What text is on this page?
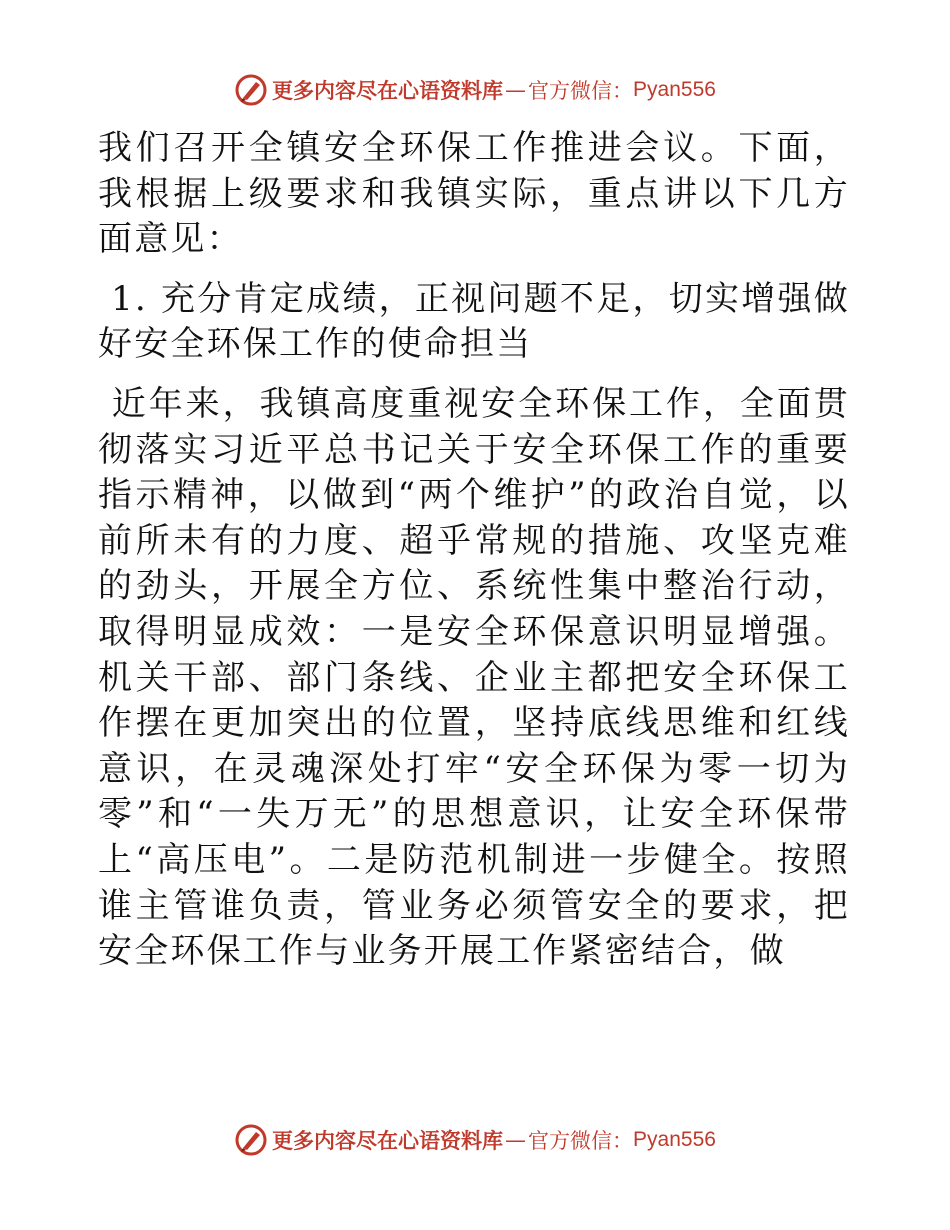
更多内容尽在心语资料库 — 官方微信： Pyan556

我们召开全镇安全环保工作推进会议。下面，我根据上级要求和我镇实际，重点讲以下几方面意见：

1. 充分肯定成绩，正视问题不足，切实增强做好安全环保工作的使命担当

近年来，我镇高度重视安全环保工作，全面贯彻落实习近平总书记关于安全环保工作的重要指示精神，以做到“两个维护”的政治自觉，以前所未有的力度、超乎常规的措施、攻坚克难的劲头，开展全方位、系统性集中整治行动，取得明显成效：一是安全环保意识明显增强。机关干部、部门条线、企业主都把安全环保工作摆在更加突出的位置，坚持底线思维和红线意识，在灵魂深处打牢“安全环保为零一切为零”和“一失万无”的思想意识，让安全环保带上“高压电”。二是防范机制进一步健全。按照谁主管谁负责，管业务必须管安全的要求，把安全环保工作与业务开展工作紧密结合，做

更多内容尽在心语资料库 — 官方微信： Pyan556
